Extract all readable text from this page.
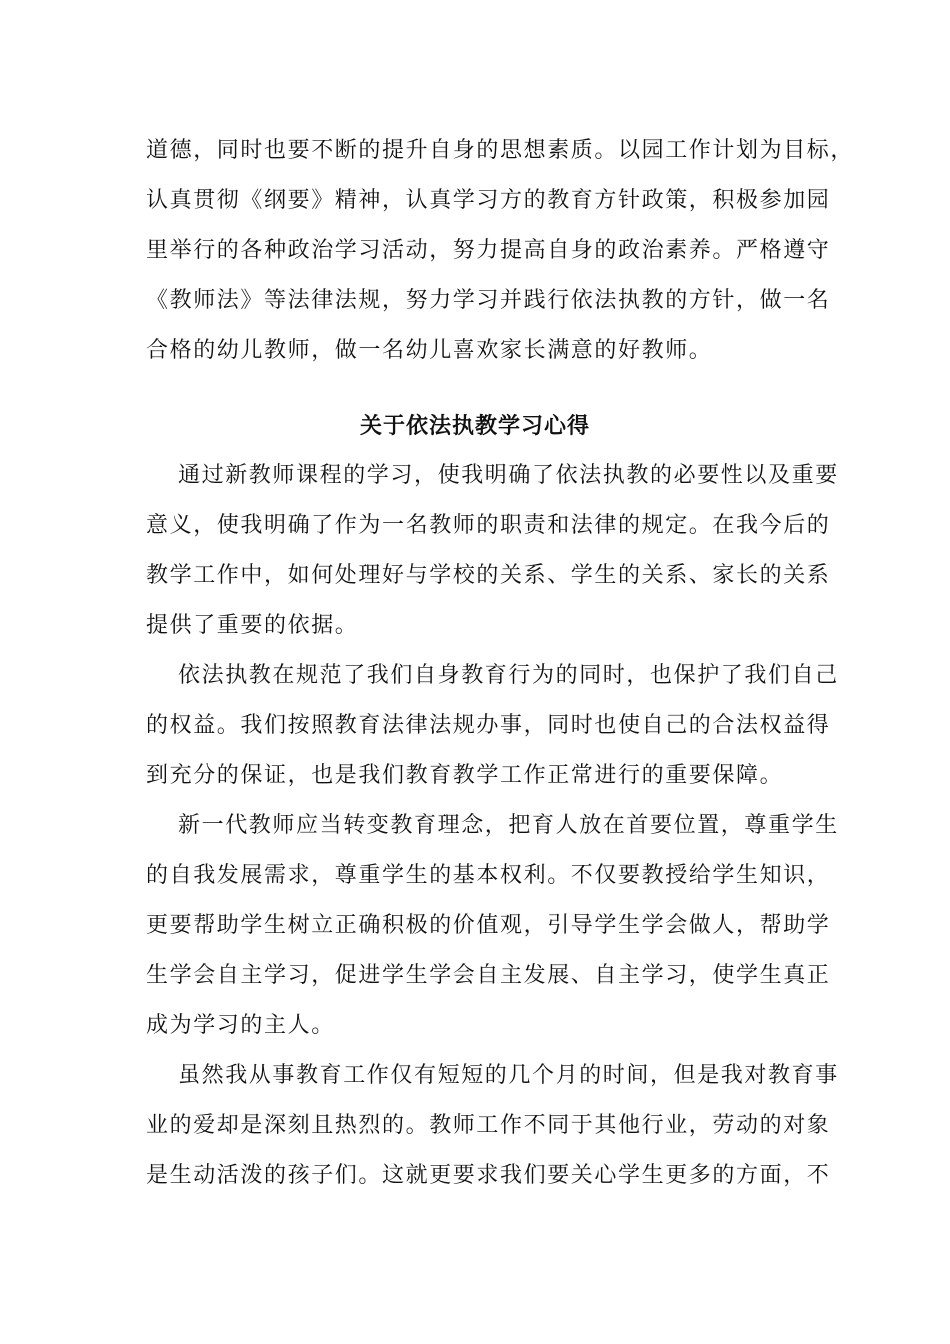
道德，同时也要不断的提升自身的思想素质。以园工作计划为目标，
认真贯彻《纲要》精神，认真学习方的教育方针政策，积极参加园
里举行的各种政治学习活动，努力提高自身的政治素养。严格遵守
《教师法》等法律法规，努力学习并践行依法执教的方针，做一名
合格的幼儿教师，做一名幼儿喜欢家长满意的好教师。
关于依法执教学习心得
通过新教师课程的学习，使我明确了依法执教的必要性以及重要
意义，使我明确了作为一名教师的职责和法律的规定。在我今后的
教学工作中，如何处理好与学校的关系、学生的关系、家长的关系
提供了重要的依据。
依法执教在规范了我们自身教育行为的同时，也保护了我们自己
的权益。我们按照教育法律法规办事，同时也使自己的合法权益得
到充分的保证，也是我们教育教学工作正常进行的重要保障。
新一代教师应当转变教育理念，把育人放在首要位置，尊重学生
的自我发展需求，尊重学生的基本权利。不仅要教授给学生知识，
更要帮助学生树立正确积极的价值观，引导学生学会做人，帮助学
生学会自主学习，促进学生学会自主发展、自主学习，使学生真正
成为学习的主人。
虽然我从事教育工作仅有短短的几个月的时间，但是我对教育事
业的爱却是深刻且热烈的。教师工作不同于其他行业，劳动的对象
是生动活泼的孩子们。这就更要求我们要关心学生更多的方面，不
